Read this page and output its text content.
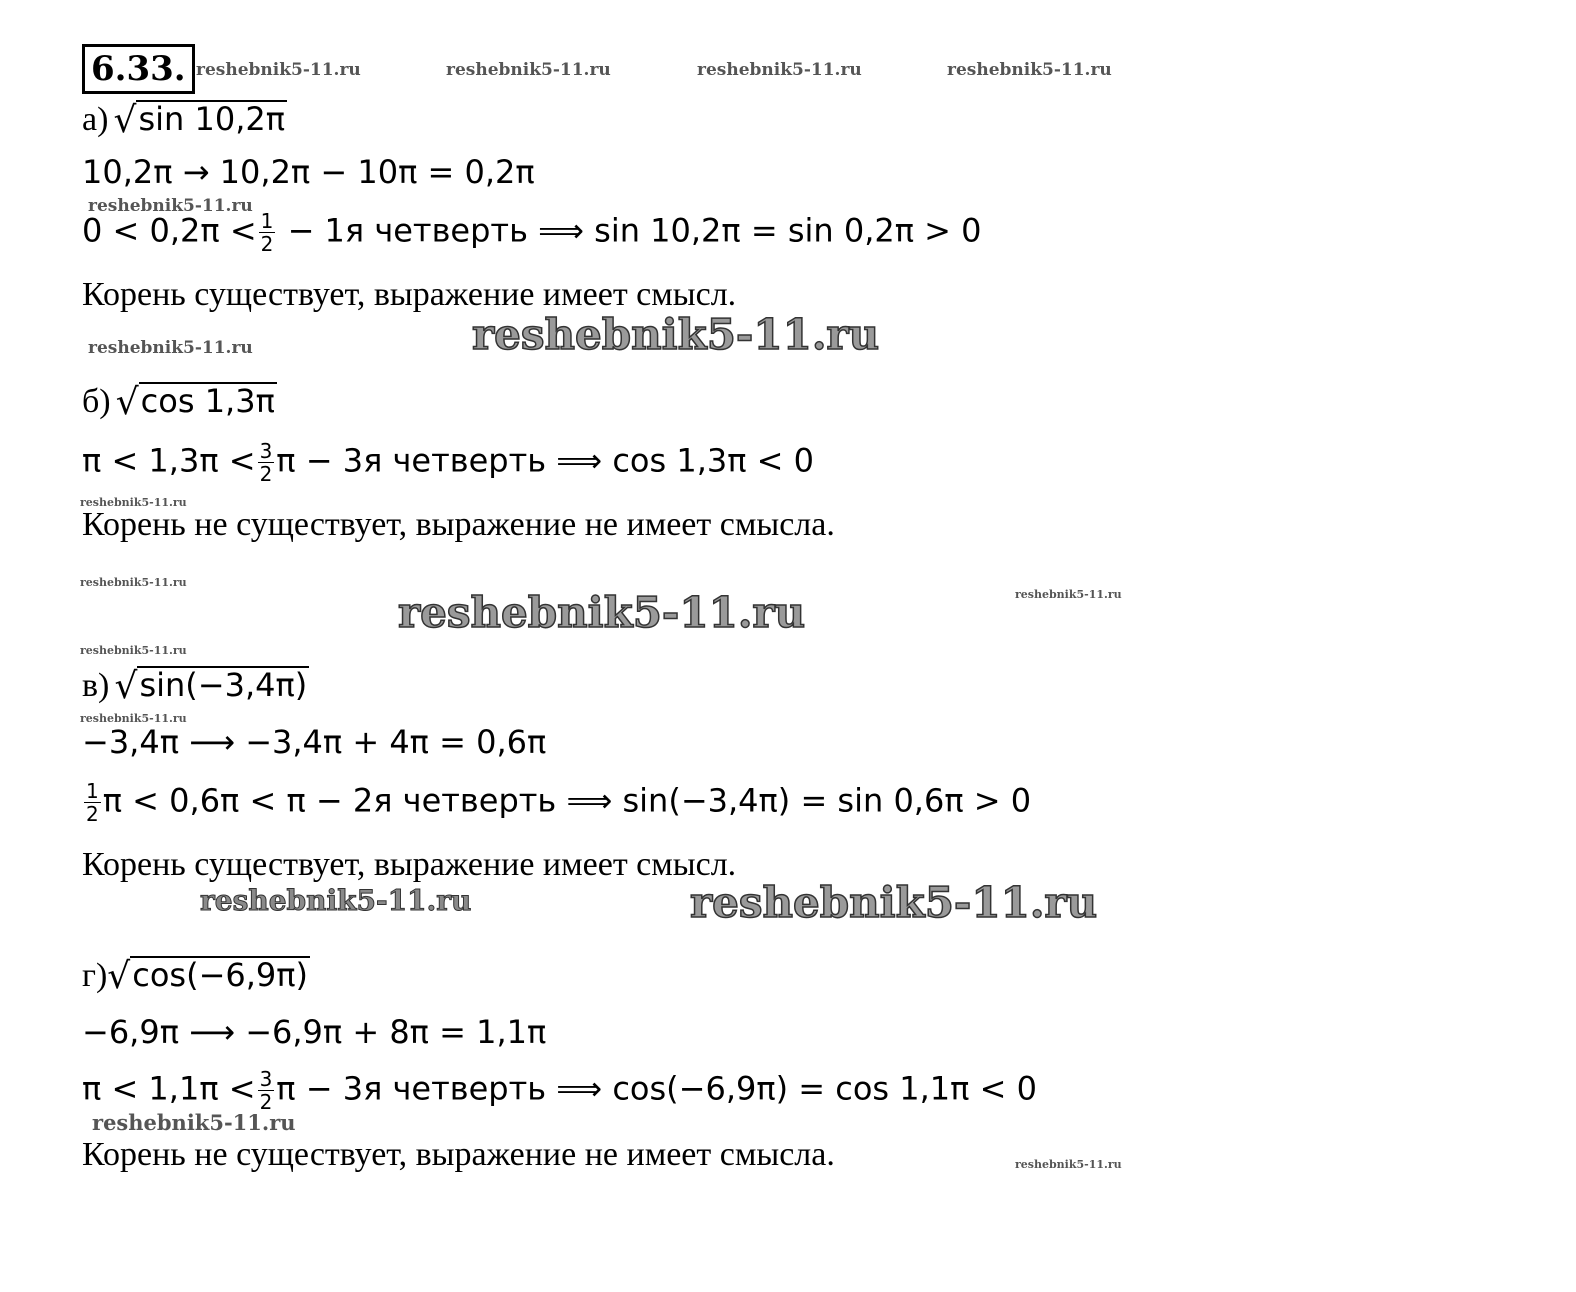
6.33. reshebnik5-11.ru	reshebnik5-11.ru	reshebnik5-11.ru	reshebnik5-11.ru
а) √sin 10,2π
10,2π → 10,2π − 10π = 0,2π
reshebnik5-11.ru
$0 < 0,2\pi < \frac{1}{2} - 1я$ четверть ⟹ sin 10,2π = sin 0,2π > 0
Корень существует, выражение имеет смысл.
reshebnik5-11.ru
reshebnik5-11.ru
б) √cos 1,3π
$\pi < 1,3\pi < \frac{3}{2}$ π − 3я четверть ⟹ cos 1,3π < 0
reshebnik5-11.ru
Корень не существует, выражение не имеет смысла.
reshebnik5-11.ru
reshebnik5-11.ru
reshebnik5-11.ru
reshebnik5-11.ru
в) √sin(−3,4π)
reshebnik5-11.ru
−3,4π ⟶ −3,4π + 4π = 0,6π
$\frac{1}{2}$ π < 0,6π < π − 2я четверть ⟹ sin(−3,4π) = sin 0,6π > 0
Корень существует, выражение имеет смысл.
reshebnik5-11.ru	reshebnik5-11.ru
г)√cos(−6,9π)
−6,9π ⟶ −6,9π + 8π = 1,1π
$\pi < 1,1\pi < \frac{3}{2}$ π − 3я четверть ⟹ cos(−6,9π) = cos 1,1π < 0
reshebnik5-11.ru
Корень не существует, выражение не имеет смысла.	reshebnik5-11.ru
